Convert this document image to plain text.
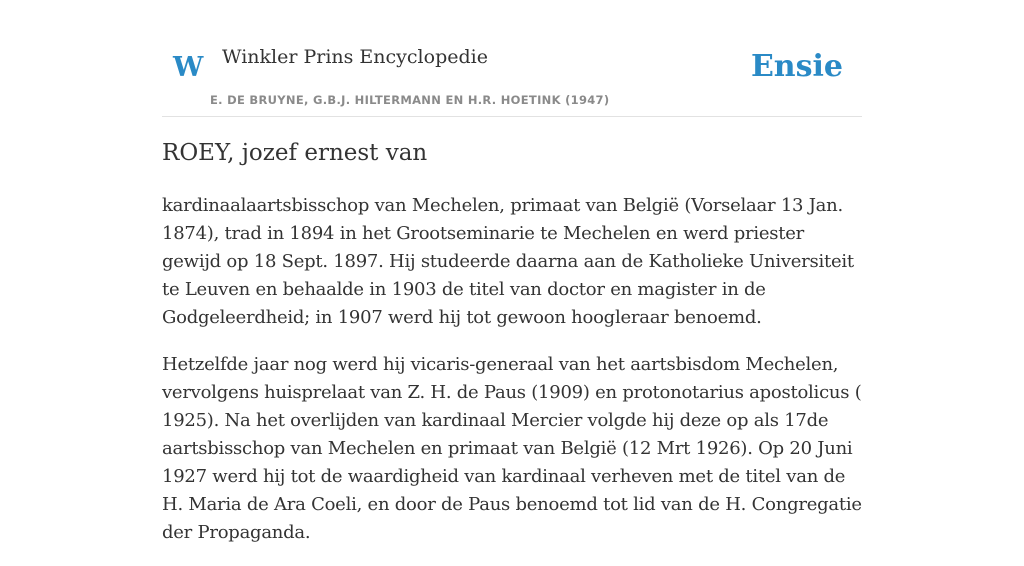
W Winkler Prins Encyclopedie
E. DE BRUYNE, G.B.J. HILTERMANN EN H.R. HOETINK (1947)
Ensie
ROEY, jozef ernest van

kardinaalaartsbisschop van Mechelen, primaat van België (Vorselaar 13 Jan. 1874), trad in 1894 in het Grootseminarie te Mechelen en werd priester gewijd op 18 Sept. 1897. Hij studeerde daarna aan de Katholieke Universiteit te Leuven en behaalde in 1903 de titel van doctor en magister in de Godgeleerdheid; in 1907 werd hij tot gewoon hoogleraar benoemd.

Hetzelfde jaar nog werd hij vicaris-generaal van het aartsbisdom Mechelen, vervolgens huisprelaat van Z. H. de Paus (1909) en protonotarius apostolicus ( 1925). Na het overlijden van kardinaal Mercier volgde hij deze op als 17de aartsbisschop van Mechelen en primaat van België (12 Mrt 1926). Op 20 Juni 1927 werd hij tot de waardigheid van kardinaal verheven met de titel van de H. Maria de Ara Coeli, en door de Paus benoemd tot lid van de H. Congregatie der Propaganda.
